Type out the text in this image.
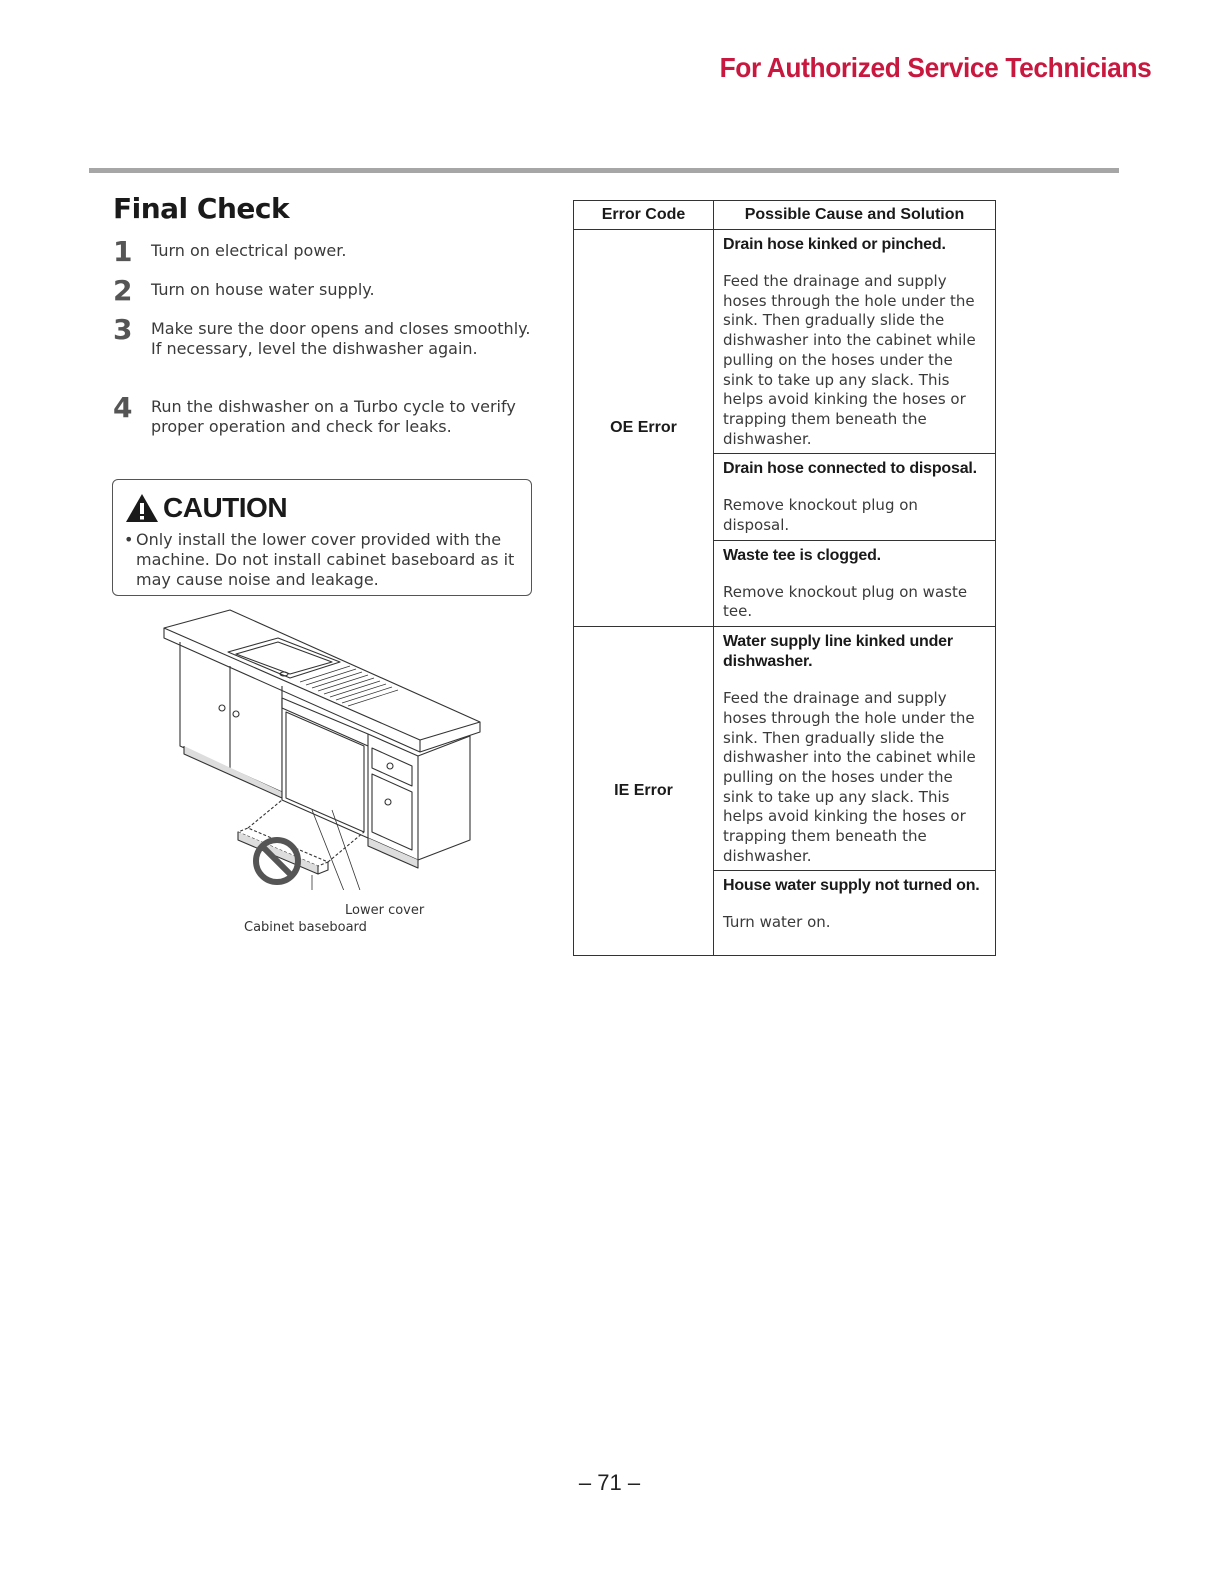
For Authorized Service Technicians
Final Check
1 Turn on electrical power.
2 Turn on house water supply.
3 Make sure the door opens and closes smoothly.
If necessary, level the dishwasher again.
4 Run the dishwasher on a Turbo cycle to verify
proper operation and check for leaks.
CAUTION
• Only install the lower cover provided with the machine. Do not install cabinet baseboard as it may cause noise and leakage.
Lower cover
Cabinet baseboard
Error Code	Possible Cause and Solution
OE Error	Drain hose kinked or pinched.
Feed the drainage and supply hoses through the hole under the sink. Then gradually slide the dishwasher into the cabinet while pulling on the hoses under the sink to take up any slack. This helps avoid kinking the hoses or trapping them beneath the dishwasher.

	Drain hose connected to disposal.
Remove knockout plug on disposal.

	Waste tee is clogged.
Remove knockout plug on waste tee.

IE Error	Water supply line kinked under dishwasher.
Feed the drainage and supply hoses through the hole under the sink. Then gradually slide the dishwasher into the cabinet while pulling on the hoses under the sink to take up any slack. This helps avoid kinking the hoses or trapping them beneath the dishwasher.

	House water supply not turned on.
Turn water on.
– 71 –
